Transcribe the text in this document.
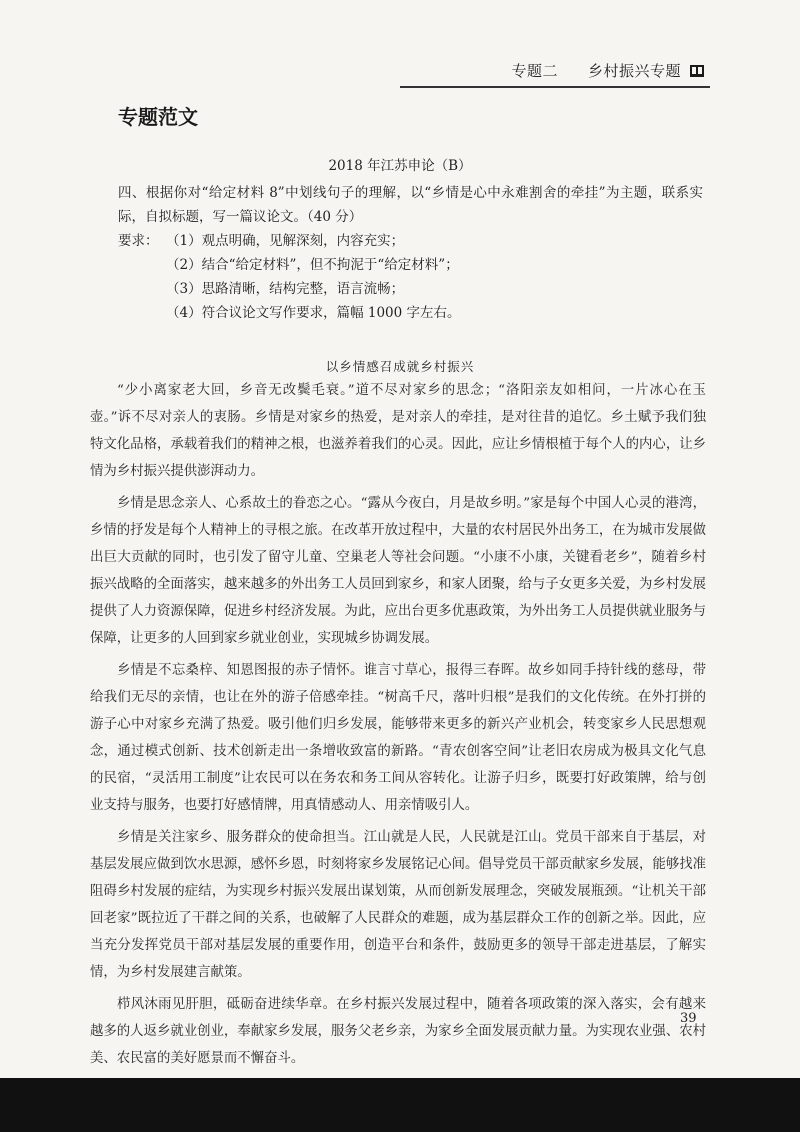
专题二 乡村振兴专题
专题范文
2018 年江苏申论（B）
四、根据你对“给定材料 8”中划线句子的理解，以“乡情是心中永难割舍的牵挂”为主题，联系实际，自拟标题，写一篇议论文。（40 分）
要求： （1）观点明确，见解深刻，内容充实；
（2）结合“给定材料”，但不拘泥于“给定材料”；
（3）思路清晰，结构完整，语言流畅；
（4）符合议论文写作要求，篇幅 1000 字左右。
以乡情感召成就乡村振兴

“少小离家老大回，乡音无改鬓毛衰。”道不尽对家乡的思念；“洛阳亲友如相问，一片冰心在玉壶。”诉不尽对亲人的衷肠。乡情是对家乡的热爱，是对亲人的牵挂，是对往昔的追忆。乡土赋予我们独特文化品格，承载着我们的精神之根，也滋养着我们的心灵。因此，应让乡情根植于每个人的内心，让乡情为乡村振兴提供澎湃动力。

乡情是思念亲人、心系故土的眷恋之心。“露从今夜白，月是故乡明。”家是每个中国人心灵的港湾，乡情的抒发是每个人精神上的寻根之旅。在改革开放过程中，大量的农村居民外出务工，在为城市发展做出巨大贡献的同时，也引发了留守儿童、空巢老人等社会问题。“小康不小康，关键看老乡”，随着乡村振兴战略的全面落实，越来越多的外出务工人员回到家乡，和家人团聚，给与子女更多关爱，为乡村发展提供了人力资源保障，促进乡村经济发展。为此，应出台更多优惠政策，为外出务工人员提供就业服务与保障，让更多的人回到家乡就业创业，实现城乡协调发展。

乡情是不忘桑梓、知恩图报的赤子情怀。谁言寸草心，报得三春晖。故乡如同手持针线的慈母，带给我们无尽的亲情，也让在外的游子倍感牵挂。“树高千尺，落叶归根”是我们的文化传统。在外打拼的游子心中对家乡充满了热爱。吸引他们归乡发展，能够带来更多的新兴产业机会，转变家乡人民思想观念，通过模式创新、技术创新走出一条增收致富的新路。“青农创客空间”让老旧农房成为极具文化气息的民宿，“灵活用工制度”让农民可以在务农和务工间从容转化。让游子归乡，既要打好政策牌，给与创业支持与服务，也要打好感情牌，用真情感动人、用亲情吸引人。

乡情是关注家乡、服务群众的使命担当。江山就是人民，人民就是江山。党员干部来自于基层，对基层发展应做到饮水思源，感怀乡恩，时刻将家乡发展铭记心间。倡导党员干部贡献家乡发展，能够找准阻碍乡村发展的症结，为实现乡村振兴发展出谋划策，从而创新发展理念，突破发展瓶颈。“让机关干部回老家”既拉近了干群之间的关系，也破解了人民群众的难题，成为基层群众工作的创新之举。因此，应当充分发挥党员干部对基层发展的重要作用，创造平台和条件，鼓励更多的领导干部走进基层，了解实情，为乡村发展建言献策。

栉风沐雨见肝胆，砥砺奋进续华章。在乡村振兴发展过程中，随着各项政策的深入落实，会有越来越多的人返乡就业创业，奉献家乡发展，服务父老乡亲，为家乡全面发展贡献力量。为实现农业强、农村美、农民富的美好愿景而不懈奋斗。

39
